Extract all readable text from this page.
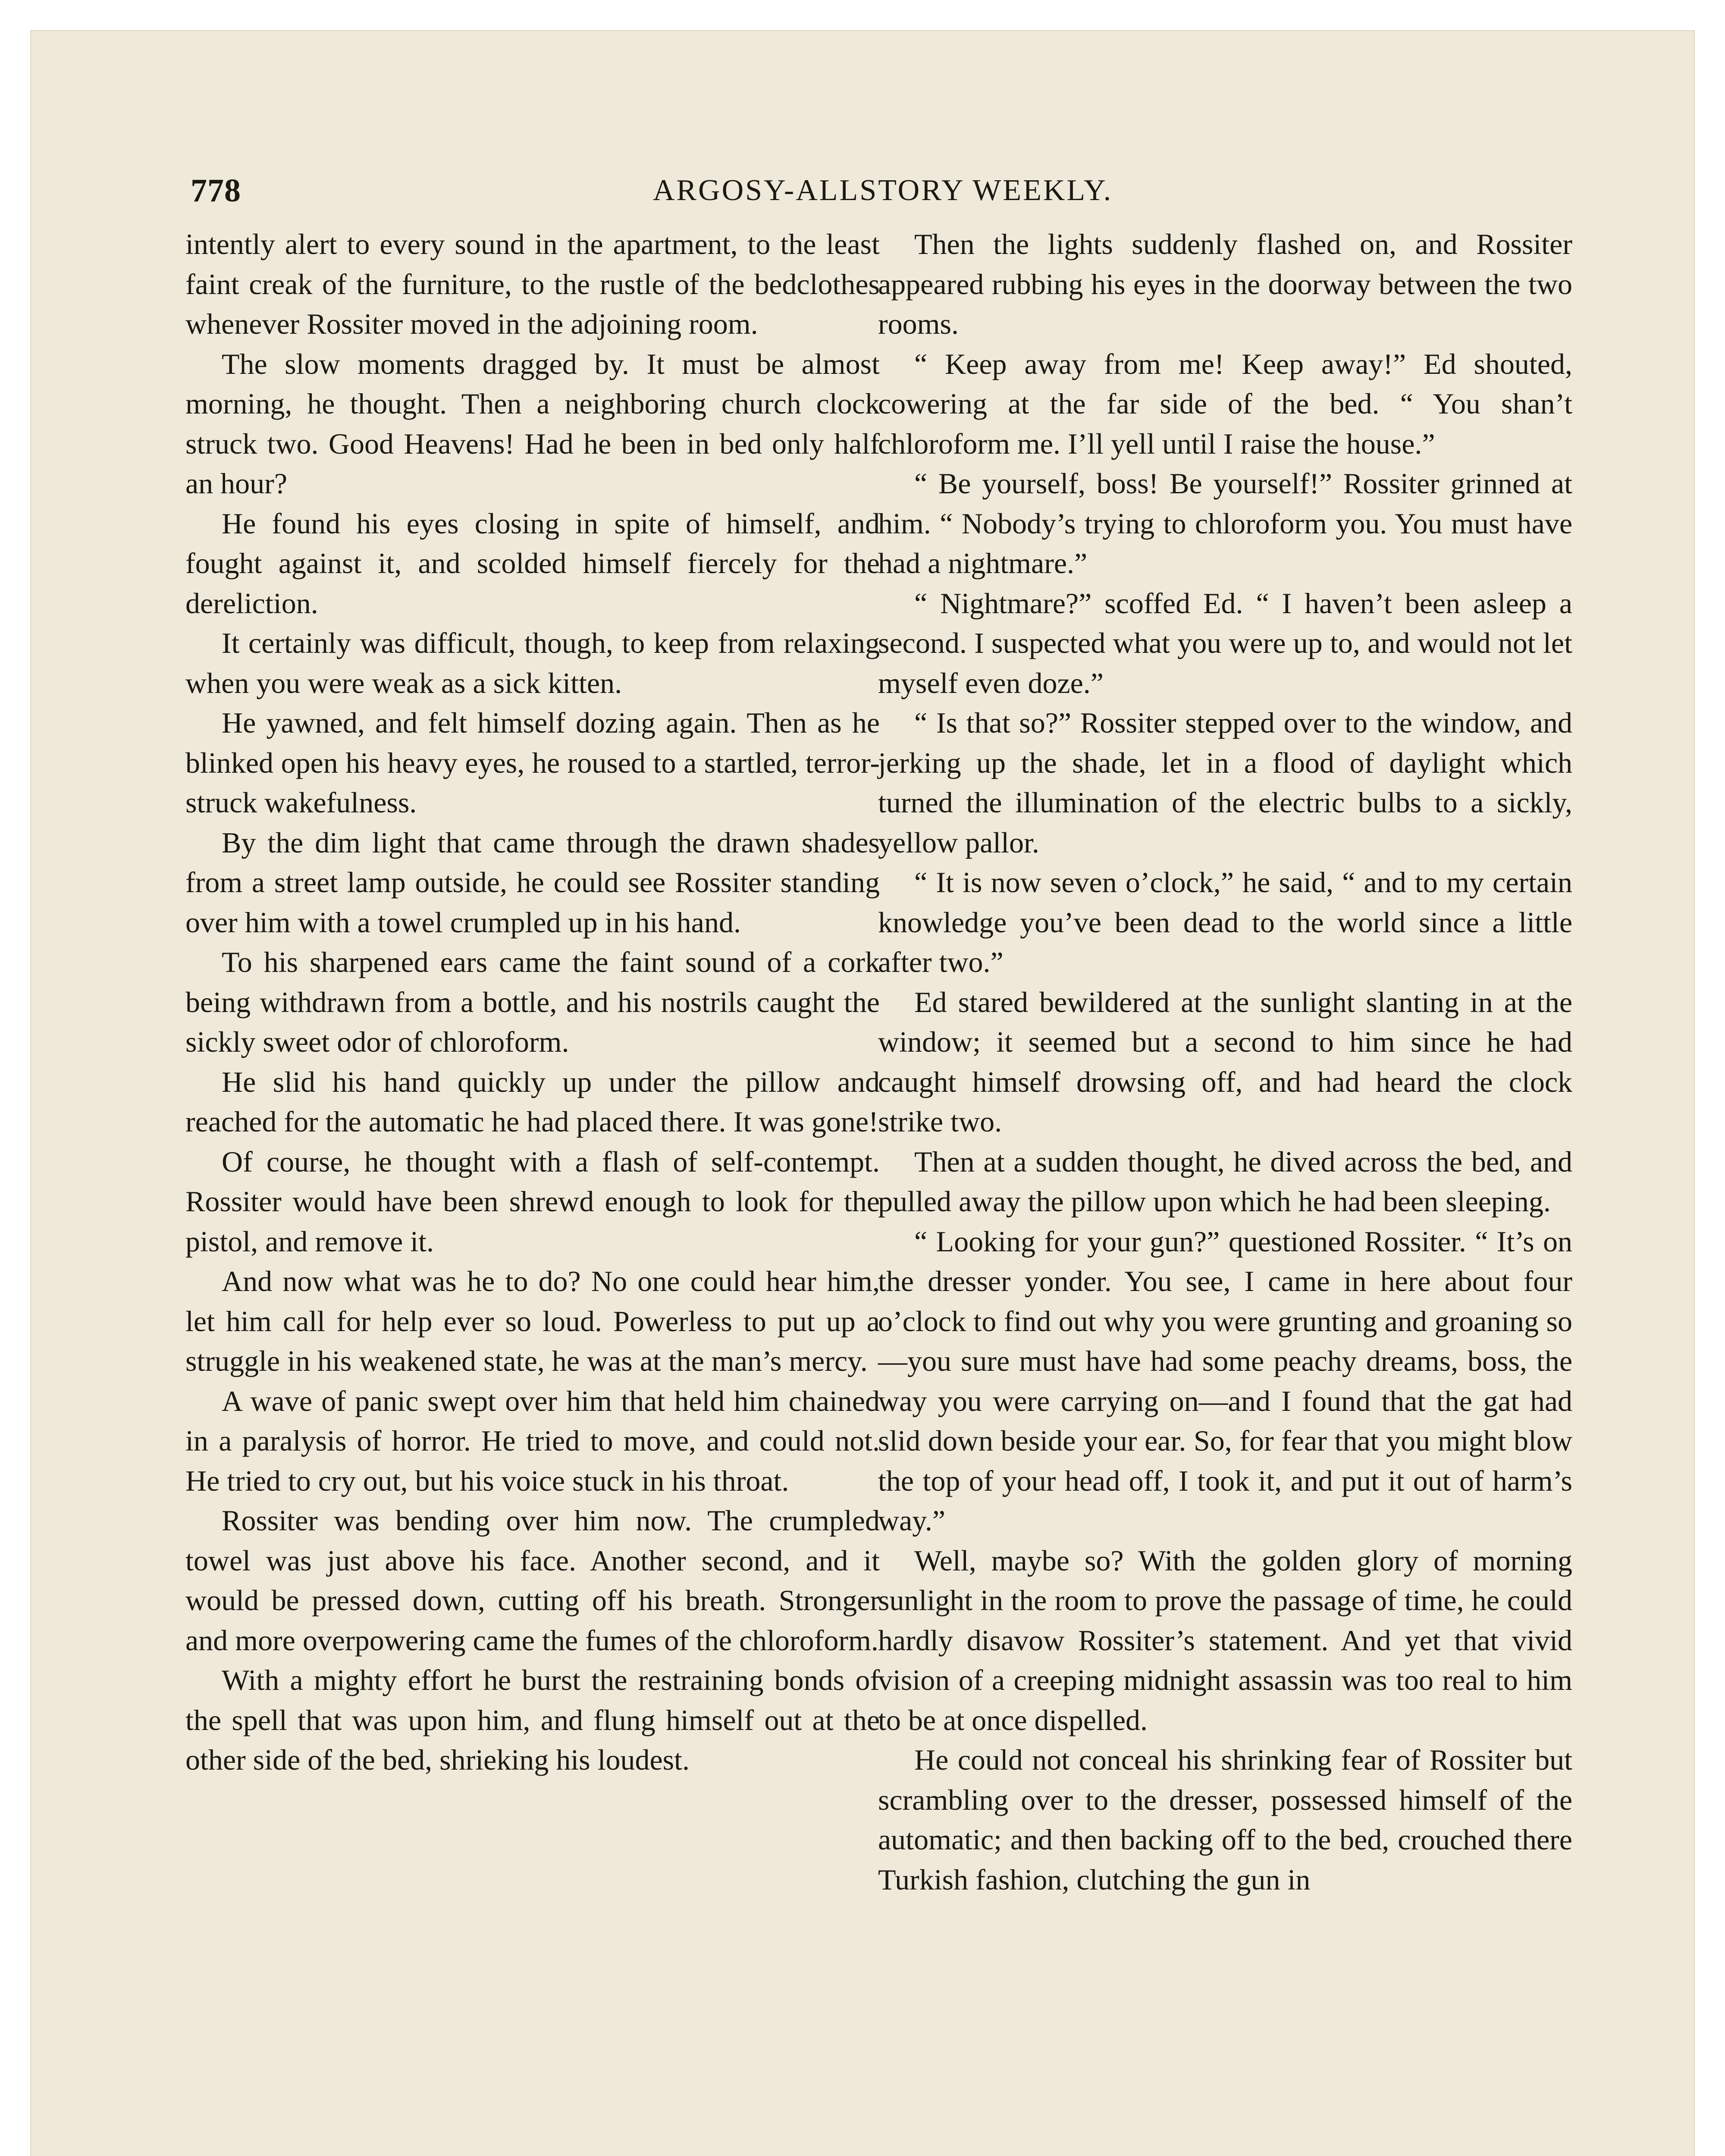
778	ARGOSY-ALLSTORY WEEKLY.

intently alert to every sound in the apartment, to the least faint creak of the furniture, to the rustle of the bedclothes whenever Rossiter moved in the adjoining room.

The slow moments dragged by. It must be almost morning, he thought. Then a neighboring church clock struck two. Good Heavens! Had he been in bed only half an hour?

He found his eyes closing in spite of himself, and fought against it, and scolded himself fiercely for the dereliction.

It certainly was difficult, though, to keep from relaxing when you were weak as a sick kitten.

He yawned, and felt himself dozing again. Then as he blinked open his heavy eyes, he roused to a startled, terror-struck wakefulness.

By the dim light that came through the drawn shades from a street lamp outside, he could see Rossiter standing over him with a towel crumpled up in his hand.

To his sharpened ears came the faint sound of a cork being withdrawn from a bottle, and his nostrils caught the sickly sweet odor of chloroform.

He slid his hand quickly up under the pillow and reached for the automatic he had placed there. It was gone!

Of course, he thought with a flash of self-contempt. Rossiter would have been shrewd enough to look for the pistol, and remove it.

And now what was he to do? No one could hear him, let him call for help ever so loud. Powerless to put up a struggle in his weakened state, he was at the man’s mercy.

A wave of panic swept over him that held him chained in a paralysis of horror. He tried to move, and could not. He tried to cry out, but his voice stuck in his throat.

Rossiter was bending over him now. The crumpled towel was just above his face. Another second, and it would be pressed down, cutting off his breath. Stronger and more overpowering came the fumes of the chloroform.

With a mighty effort he burst the restraining bonds of the spell that was upon him, and flung himself out at the other side of the bed, shrieking his loudest.

Then the lights suddenly flashed on, and Rossiter appeared rubbing his eyes in the doorway between the two rooms.

“ Keep away from me! Keep away!” Ed shouted, cowering at the far side of the bed. “ You shan’t chloroform me. I’ll yell until I raise the house.”

“ Be yourself, boss! Be yourself!” Rossiter grinned at him. “ Nobody’s trying to chloroform you. You must have had a nightmare.”

“ Nightmare?” scoffed Ed. “ I haven’t been asleep a second. I suspected what you were up to, and would not let myself even doze.”

“ Is that so?” Rossiter stepped over to the window, and jerking up the shade, let in a flood of daylight which turned the illumination of the electric bulbs to a sickly, yellow pallor.

“ It is now seven o’clock,” he said, “ and to my certain knowledge you’ve been dead to the world since a little after two.”

Ed stared bewildered at the sunlight slanting in at the window; it seemed but a second to him since he had caught himself drowsing off, and had heard the clock strike two.

Then at a sudden thought, he dived across the bed, and pulled away the pillow upon which he had been sleeping.

“ Looking for your gun?” questioned Rossiter. “ It’s on the dresser yonder. You see, I came in here about four o’clock to find out why you were grunting and groaning so—you sure must have had some peachy dreams, boss, the way you were carrying on—and I found that the gat had slid down beside your ear. So, for fear that you might blow the top of your head off, I took it, and put it out of harm’s way.”

Well, maybe so? With the golden glory of morning sunlight in the room to prove the passage of time, he could hardly disavow Rossiter’s statement. And yet that vivid vision of a creeping midnight assassin was too real to him to be at once dispelled.

He could not conceal his shrinking fear of Rossiter but scrambling over to the dresser, possessed himself of the automatic; and then backing off to the bed, crouched there Turkish fashion, clutching the gun in
